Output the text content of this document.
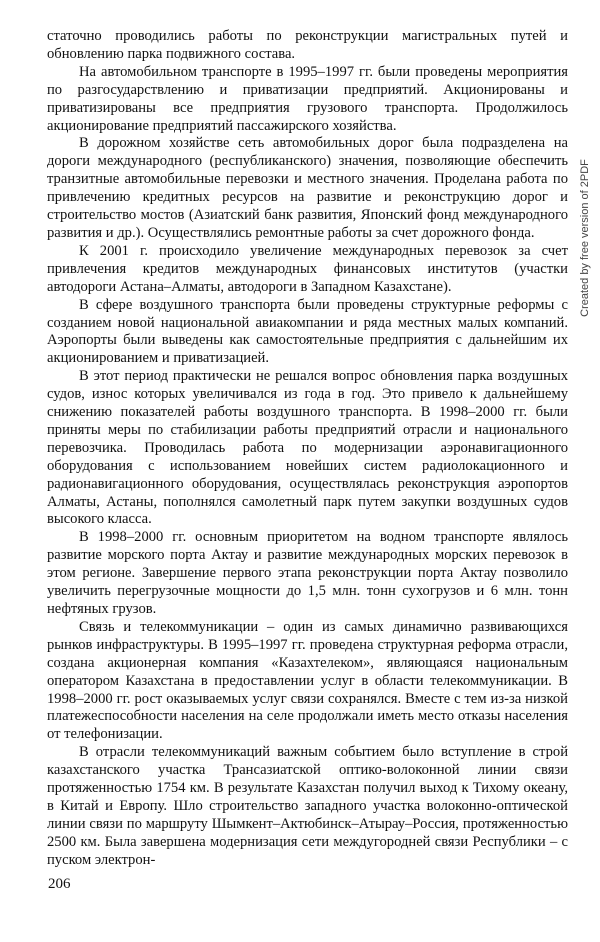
статочно проводились работы по реконструкции магистральных путей и обновлению парка подвижного состава.

На автомобильном транспорте в 1995–1997 гг. были проведены мероприятия по разгосударствлению и приватизации предприятий. Акционированы и приватизированы все предприятия грузового транспорта. Продолжилось акционирование предприятий пассажирского хозяйства.

В дорожном хозяйстве сеть автомобильных дорог была подразделена на дороги международного (республиканского) значения, позволяющие обеспечить транзитные автомобильные перевозки и местного значения. Проделана работа по привлечению кредитных ресурсов на развитие и реконструкцию дорог и строительство мостов (Азиатский банк развития, Японский фонд международного развития и др.). Осуществлялись ремонтные работы за счет дорожного фонда.

К 2001 г. происходило увеличение международных перевозок за счет привлечения кредитов международных финансовых институтов (участки автодороги Астана–Алматы, автодороги в Западном Казахстане).

В сфере воздушного транспорта были проведены структурные реформы с созданием новой национальной авиакомпании и ряда местных малых компаний. Аэропорты были выведены как самостоятельные предприятия с дальнейшим их акционированием и приватизацией.

В этот период практически не решался вопрос обновления парка воздушных судов, износ которых увеличивался из года в год. Это привело к дальнейшему снижению показателей работы воздушного транспорта. В 1998–2000 гг. были приняты меры по стабилизации работы предприятий отрасли и национального перевозчика. Проводилась работа по модернизации аэронавигационного оборудования с использованием новейших систем радиолокационного и радионавигационного оборудования, осуществлялась реконструкция аэропортов Алматы, Астаны, пополнялся самолетный парк путем закупки воздушных судов высокого класса.

В 1998–2000 гг. основным приоритетом на водном транспорте являлось развитие морского порта Актау и развитие международных морских перевозок в этом регионе. Завершение первого этапа реконструкции порта Актау позволило увеличить перегрузочные мощности до 1,5 млн. тонн сухогрузов и 6 млн. тонн нефтяных грузов.

Связь и телекоммуникации – один из самых динамично развивающихся рынков инфраструктуры. В 1995–1997 гг. проведена структурная реформа отрасли, создана акционерная компания «Казахтелеком», являющаяся национальным оператором Казахстана в предоставлении услуг в области телекоммуникации. В 1998–2000 гг. рост оказываемых услуг связи сохранялся. Вместе с тем из-за низкой платежеспособности населения на селе продолжали иметь место отказы населения от телефонизации.

В отрасли телекоммуникаций важным событием было вступление в строй казахстанского участка Трансазиатской оптико-волоконной линии связи протяженностью 1754 км. В результате Казахстан получил выход к Тихому океану, в Китай и Европу. Шло строительство западного участка волоконно-оптической линии связи по маршруту Шымкент–Актюбинск–Атырау–Россия, протяженностью 2500 км. Была завершена модернизация сети междугородней связи Республики – с пуском электрон-

206
Created by free version of 2PDF
